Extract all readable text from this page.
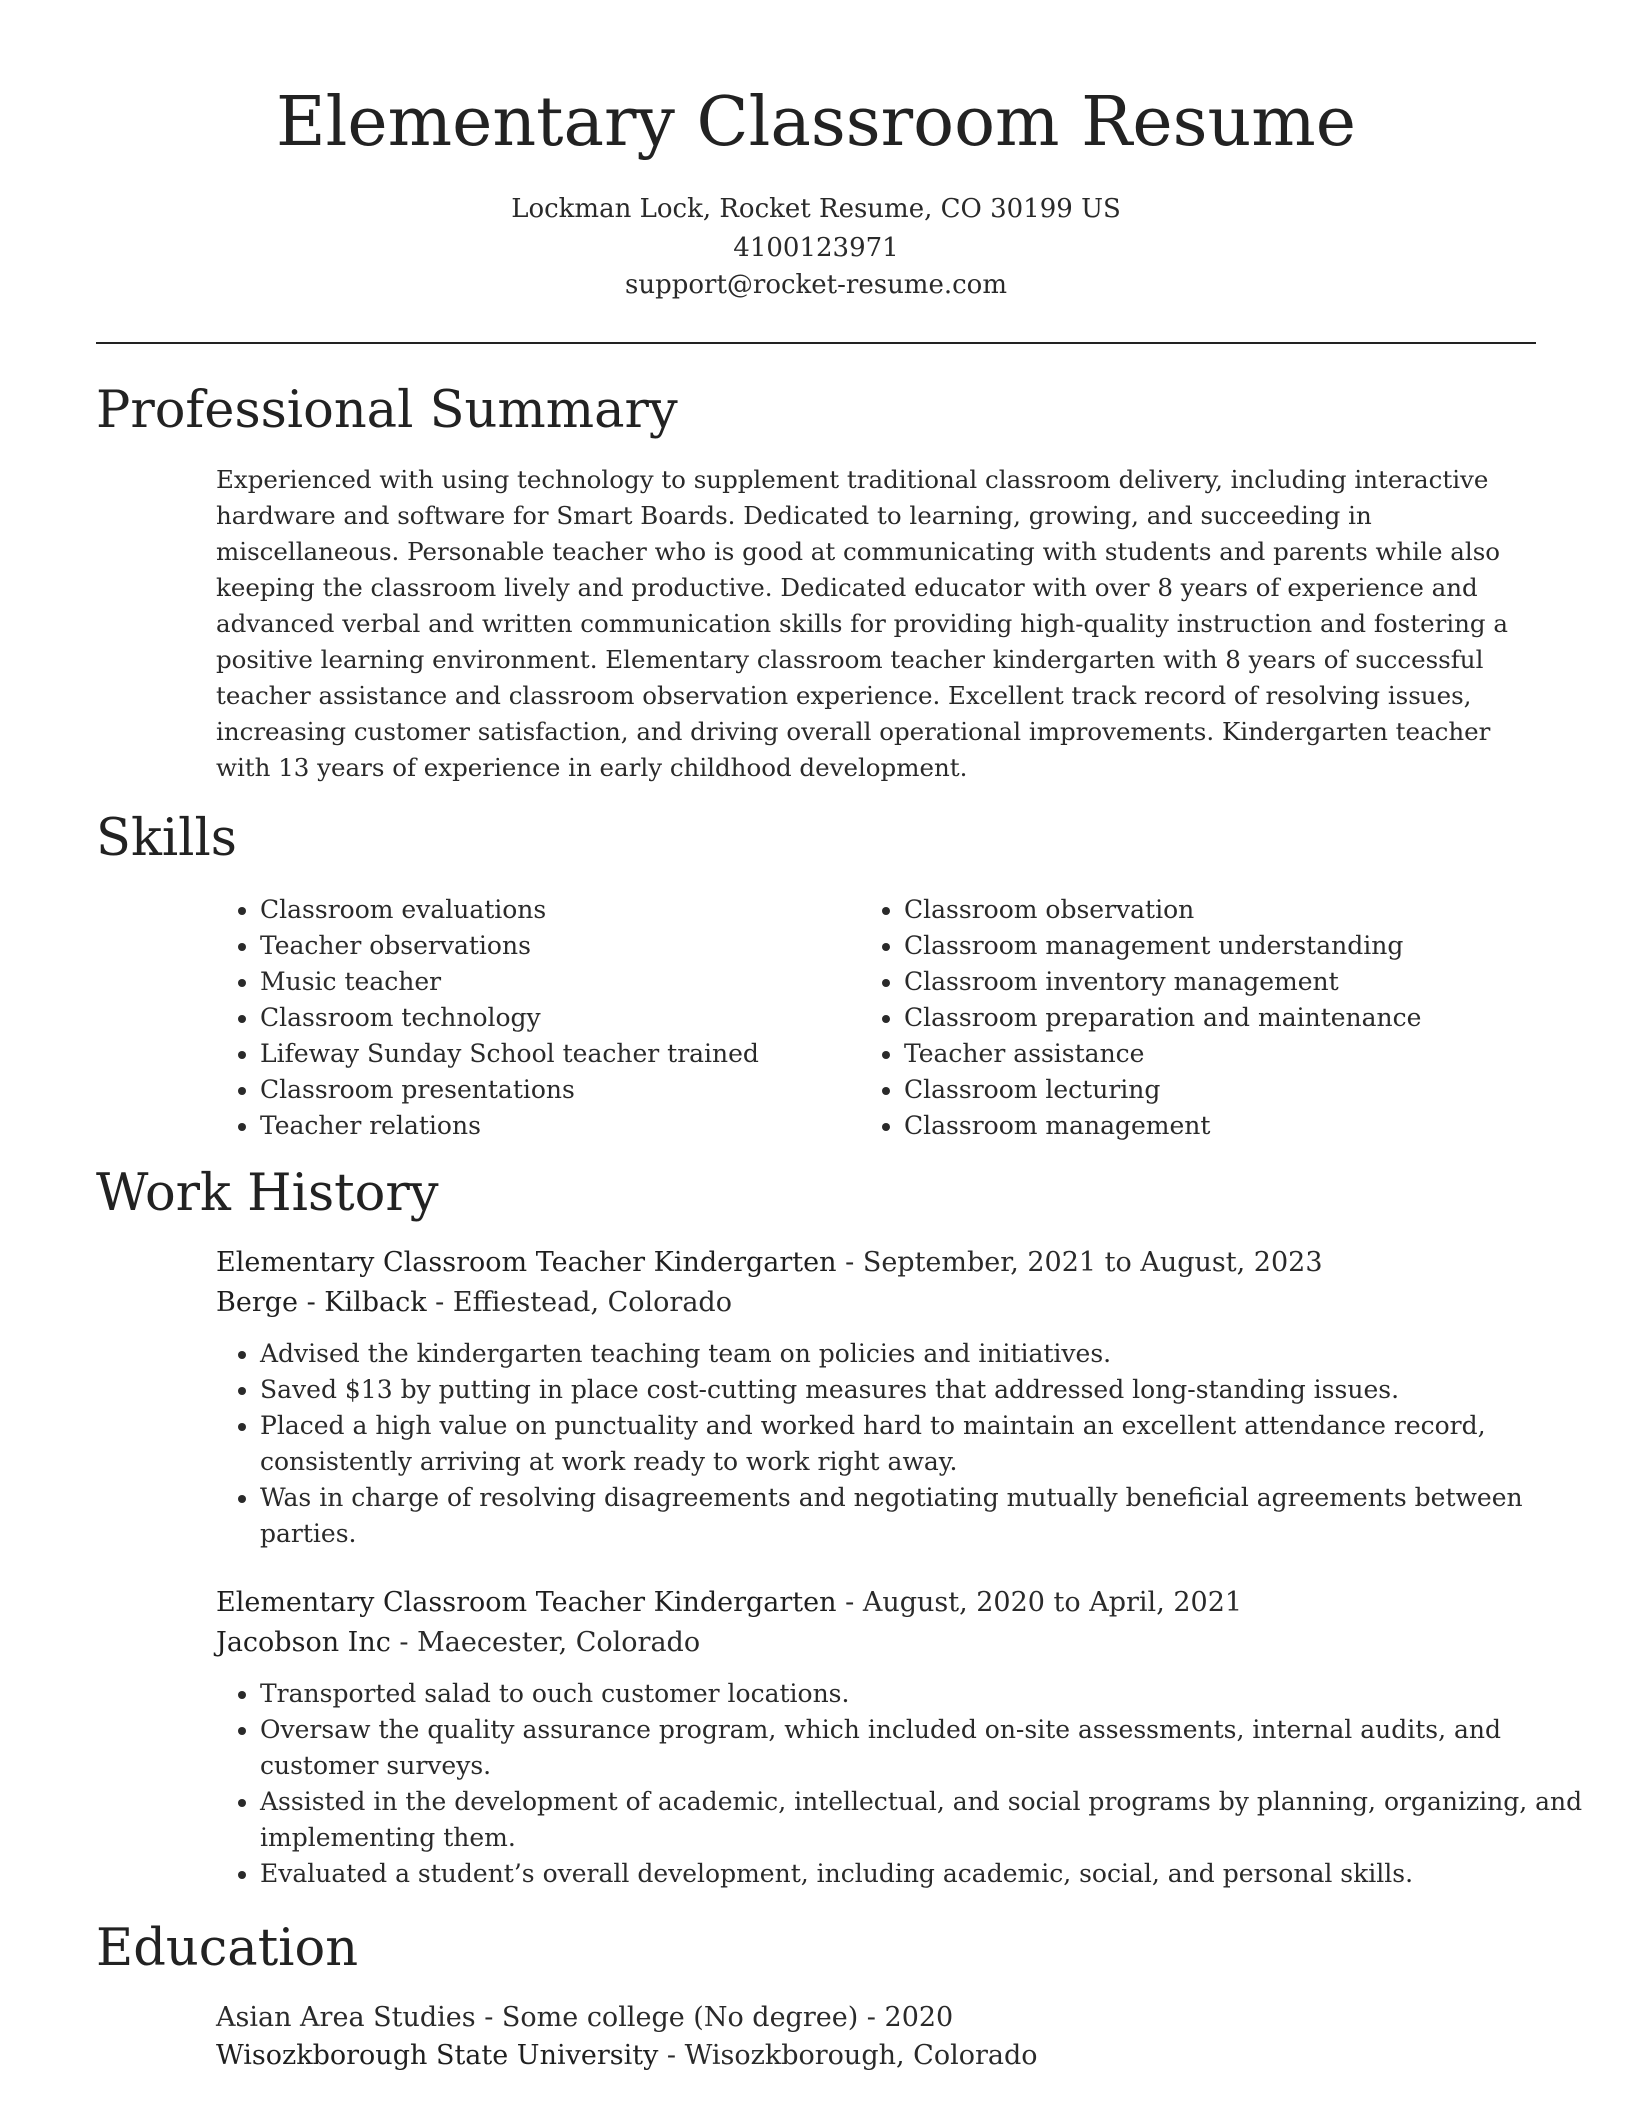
Elementary Classroom Resume
Lockman Lock, Rocket Resume, CO 30199 US
4100123971
support@rocket-resume.com
Professional Summary
Experienced with using technology to supplement traditional classroom delivery, including interactive hardware and software for Smart Boards. Dedicated to learning, growing, and succeeding in miscellaneous. Personable teacher who is good at communicating with students and parents while also keeping the classroom lively and productive. Dedicated educator with over 8 years of experience and advanced verbal and written communication skills for providing high-quality instruction and fostering a positive learning environment. Elementary classroom teacher kindergarten with 8 years of successful teacher assistance and classroom observation experience. Excellent track record of resolving issues, increasing customer satisfaction, and driving overall operational improvements. Kindergarten teacher with 13 years of experience in early childhood development.
Skills
• Classroom evaluations
• Teacher observations
• Music teacher
• Classroom technology
• Lifeway Sunday School teacher trained
• Classroom presentations
• Teacher relations
• Classroom observation
• Classroom management understanding
• Classroom inventory management
• Classroom preparation and maintenance
• Teacher assistance
• Classroom lecturing
• Classroom management
Work History
Elementary Classroom Teacher Kindergarten - September, 2021 to August, 2023
Berge - Kilback - Effiestead, Colorado
• Advised the kindergarten teaching team on policies and initiatives.
• Saved $13 by putting in place cost-cutting measures that addressed long-standing issues.
• Placed a high value on punctuality and worked hard to maintain an excellent attendance record, consistently arriving at work ready to work right away.
• Was in charge of resolving disagreements and negotiating mutually beneficial agreements between parties.
Elementary Classroom Teacher Kindergarten - August, 2020 to April, 2021
Jacobson Inc - Maecester, Colorado
• Transported salad to ouch customer locations.
• Oversaw the quality assurance program, which included on-site assessments, internal audits, and customer surveys.
• Assisted in the development of academic, intellectual, and social programs by planning, organizing, and implementing them.
• Evaluated a student’s overall development, including academic, social, and personal skills.
Education
Asian Area Studies - Some college (No degree) - 2020
Wisozkborough State University - Wisozkborough, Colorado
